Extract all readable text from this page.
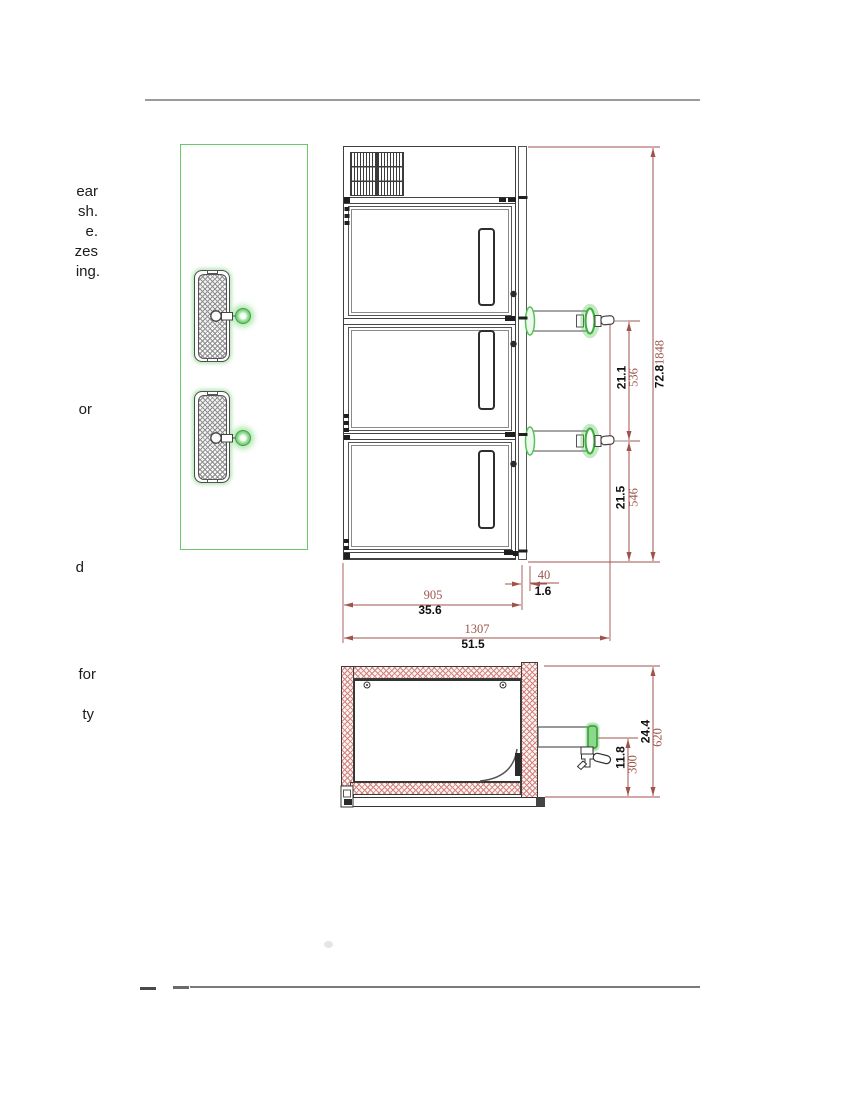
ear
sh.
e.
zes
ing.
or
d
for
ty
905
35.6
1307
51.5
40
1.6
1848
72.8
536
21.1
546
21.5
620
24.4
300
11.8
